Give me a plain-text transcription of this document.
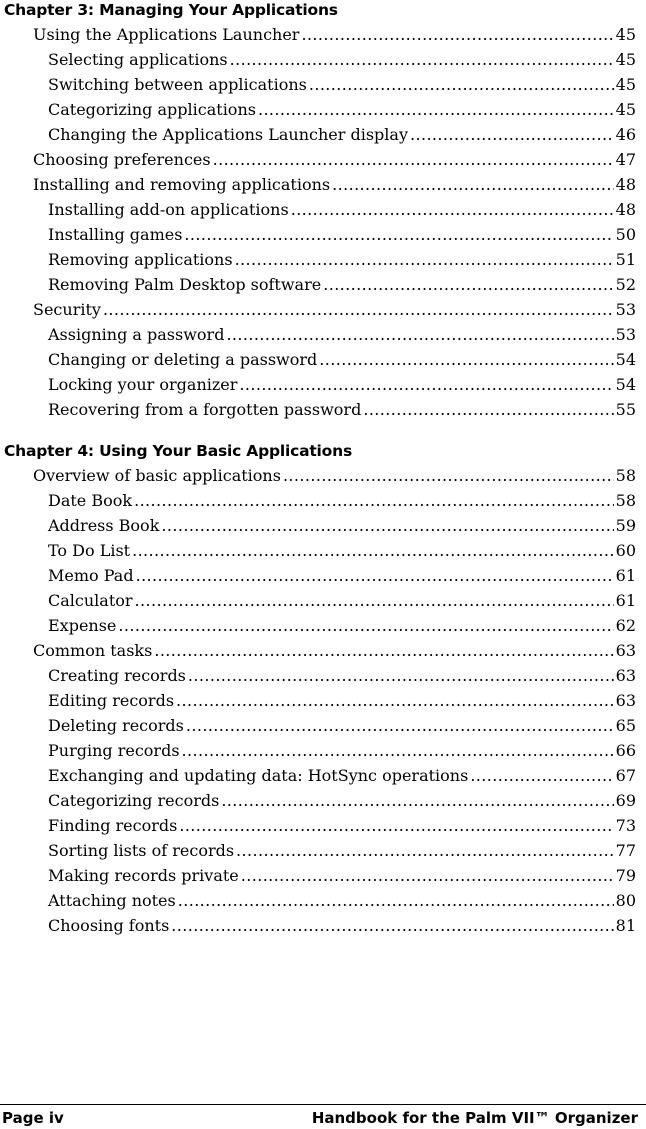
Chapter 3: Managing Your Applications
Using the Applications Launcher .....	45
Selecting applications .....	45
Switching between applications .....	45
Categorizing applications .....	45
Changing the Applications Launcher display .....	46
Choosing preferences .....	47
Installing and removing applications .....	48
Installing add-on applications .....	48
Installing games .....	50
Removing applications .....	51
Removing Palm Desktop software .....	52
Security .....	53
Assigning a password .....	53
Changing or deleting a password .....	54
Locking your organizer .....	54
Recovering from a forgotten password .....	55
Chapter 4: Using Your Basic Applications
Overview of basic applications .....	58
Date Book .....	58
Address Book .....	59
To Do List .....	60
Memo Pad .....	61
Calculator .....	61
Expense .....	62
Common tasks .....	63
Creating records .....	63
Editing records .....	63
Deleting records .....	65
Purging records .....	66
Exchanging and updating data: HotSync operations .....	67
Categorizing records .....	69
Finding records .....	73
Sorting lists of records .....	77
Making records private .....	79
Attaching notes .....	80
Choosing fonts .....	81
Page iv	Handbook for the Palm VII™ Organizer
